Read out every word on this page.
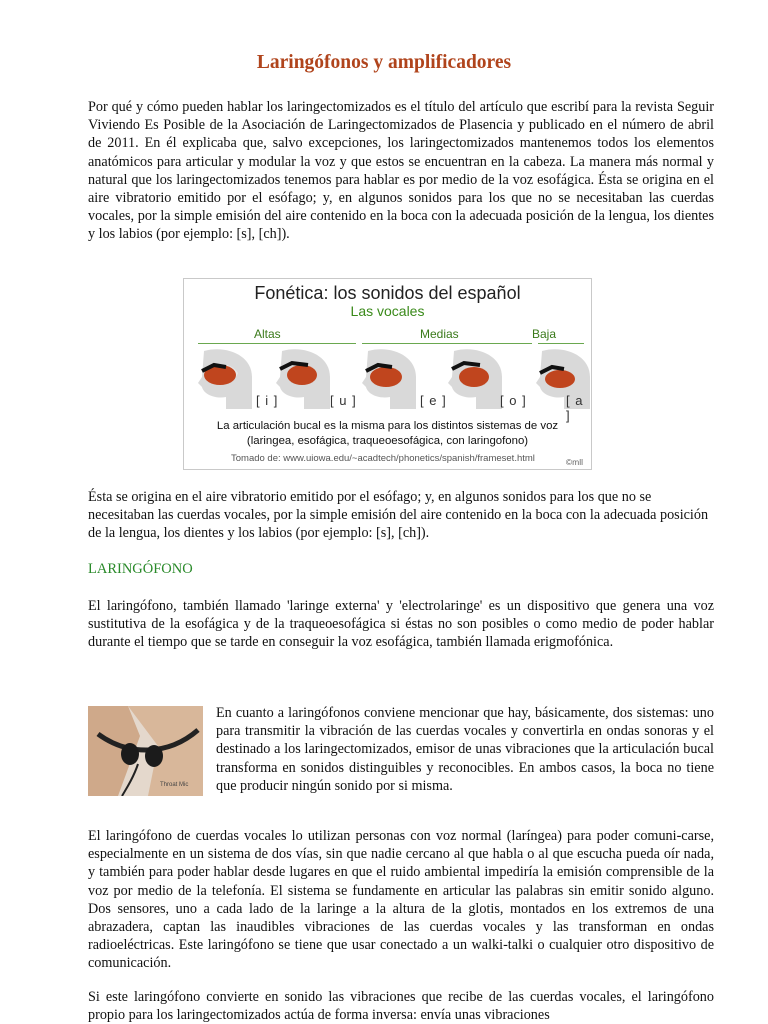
Laringófonos y amplificadores

Por qué y cómo pueden hablar los laringectomizados es el título del artículo que escribí para la revista Seguir Viviendo Es Posible de la Asociación de Laringectomizados de Plasencia y publicado en el número de abril de 2011. En él explicaba que, salvo excepciones, los laringectomizados mantenemos todos los elementos anatómicos para articular y modular la voz y que estos se encuentran en la cabeza. La manera más normal y natural que los laringectomizados tenemos para hablar es por medio de la voz esofágica. Ésta se origina en el aire vibratorio emitido por el esófago; y, en algunos sonidos para los que no se necesitaban las cuerdas vocales, por la simple emisión del aire contenido en la boca con la adecuada posición de la lengua, los dientes y los labios (por ejemplo: [s], [ch]).

Fonética: los sonidos del español
Las vocales
Altas	Medias	Baja
[ i ]	[ u ]	[ e ]	[ o ]	[ a ]
La articulación bucal es la misma para los distintos sistemas de voz
(laringea, esofágica, traqueoesofágica, con laringofono)
Tomado de: www.uiowa.edu/~acadtech/phonetics/spanish/frameset.html	©mll

Ésta se origina en el aire vibratorio emitido por el esófago; y, en algunos sonidos para los que no se necesitaban las cuerdas vocales, por la simple emisión del aire contenido en la boca con la adecuada posición de la lengua, los dientes y los labios (por ejemplo: [s], [ch]).

LARINGÓFONO

El laringófono, también llamado 'laringe externa' y 'electrolaringe' es un dispositivo que genera una voz sustitutiva de la esofágica y de la traqueoesofágica si éstas no son posibles o como medio de poder hablar durante el tiempo que se tarde en conseguir la voz esofágica, también llamada erigmofónica.

Throat Mic

En cuanto a laringófonos conviene mencionar que hay, básicamente, dos sistemas: uno para transmitir la vibración de las cuerdas vocales y convertirla en ondas sonoras y el destinado a los laringectomizados, emisor de unas vibraciones que la articulación bucal transforma en sonidos distinguibles y reconocibles. En ambos casos, la boca no tiene que producir ningún sonido por si misma.

El laringófono de cuerdas vocales lo utilizan personas con voz normal (laríngea) para poder comuni-carse, especialmente en un sistema de dos vías, sin que nadie cercano al que habla o al que escucha pueda oír nada, y también para poder hablar desde lugares en que el ruido ambiental impediría la emisión comprensible de la voz por medio de la telefonía. El sistema se fundamente en articular las palabras sin emitir sonido alguno. Dos sensores, uno a cada lado de la laringe a la altura de la glotis, montados en los extremos de una abrazadera, captan las inaudibles vibraciones de las cuerdas vocales y las transforman en ondas radioeléctricas. Este laringófono se tiene que usar conectado a un walki-talki o cualquier otro dispositivo de comunicación.

Si este laringófono convierte en sonido las vibraciones que recibe de las cuerdas vocales, el laringófono propio para los laringectomizados actúa de forma inversa: envía unas vibraciones
